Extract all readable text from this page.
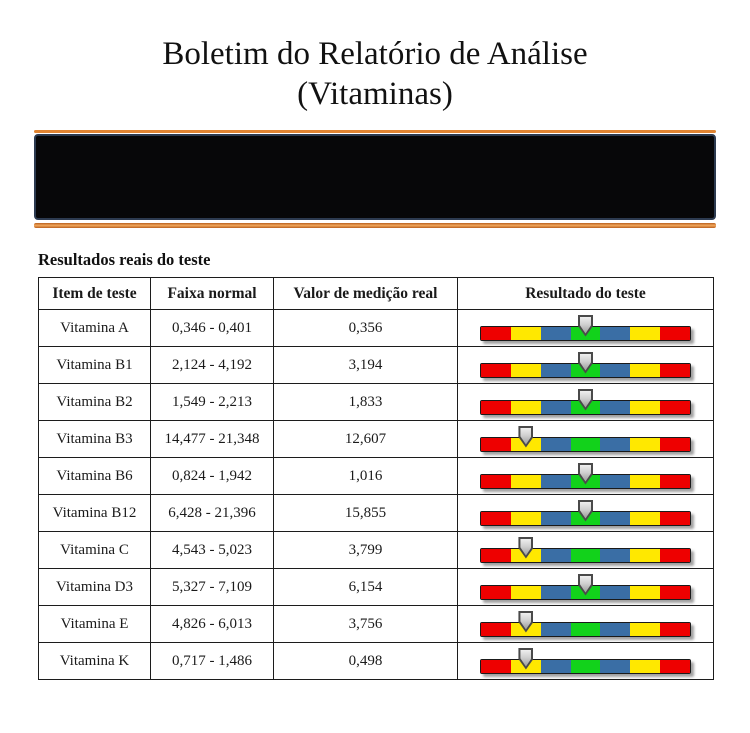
Boletim do Relatório de Análise
(Vitaminas)
Resultados reais do teste
Item de teste	Faixa normal	Valor de medição real	Resultado do teste
Vitamina A	0,346 - 0,401	0,356	

Vitamina B1	2,124 - 4,192	3,194	

Vitamina B2	1,549 - 2,213	1,833	

Vitamina B3	14,477 - 21,348	12,607	

Vitamina B6	0,824 - 1,942	1,016	

Vitamina B12	6,428 - 21,396	15,855	

Vitamina C	4,543 - 5,023	3,799	

Vitamina D3	5,327 - 7,109	6,154	

Vitamina E	4,826 - 6,013	3,756	

Vitamina K	0,717 - 1,486	0,498	
